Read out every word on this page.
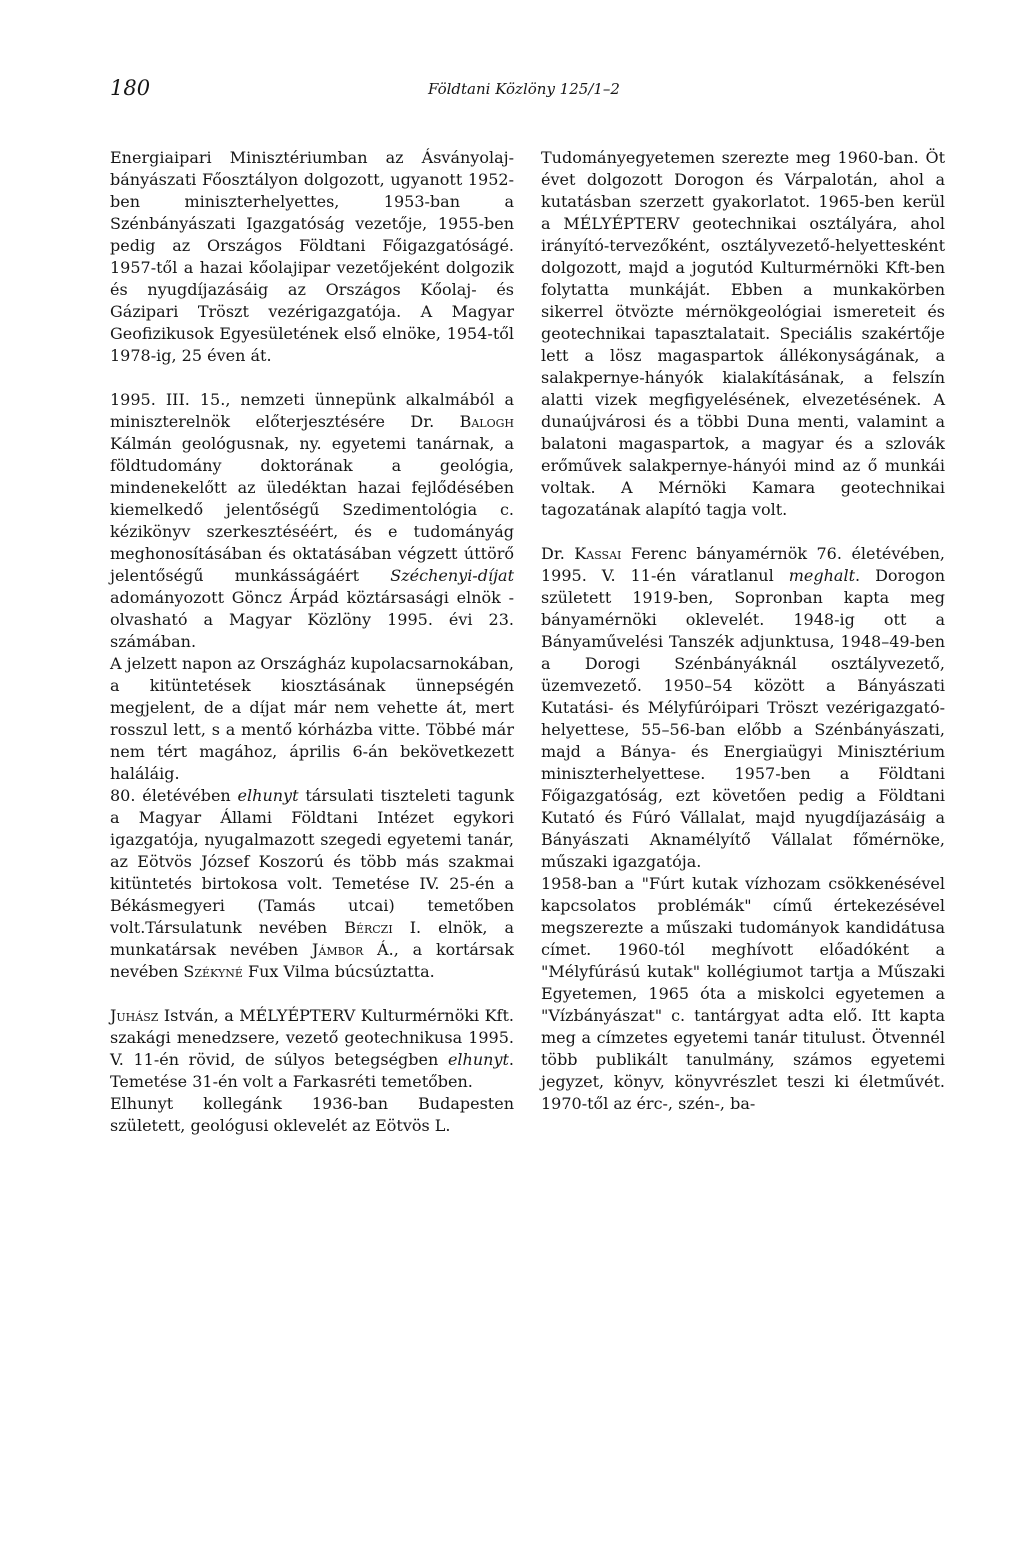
180	Földtani Közlöny 125/1–2

Energiaipari Minisztériumban az Ásványolaj-bányászati Főosztályon dolgozott, ugyanott 1952-ben miniszterhelyettes, 1953-ban a Szénbányászati Igazgatóság vezetője, 1955-ben pedig az Országos Földtani Főigazgatóságé. 1957-től a hazai kőolajipar vezetőjeként dolgozik és nyugdíjazásáig az Országos Kőolaj- és Gázipari Tröszt vezérigazgatója. A Magyar Geofizikusok Egyesületének első elnöke, 1954-től 1978-ig, 25 éven át.

1995. III. 15., nemzeti ünnepünk alkalmából a miniszterelnök előterjesztésére Dr. Balogh Kálmán geológusnak, ny. egyetemi tanárnak, a földtudomány doktorának a geológia, mindenekelőtt az üledéktan hazai fejlődésében kiemelkedő jelentőségű Szedimentológia c. kézikönyv szerkesztéséért, és e tudományág meghonosításában és oktatásában végzett úttörő jelentőségű munkásságáért Széchenyi-díjat adományozott Göncz Árpád köztársasági elnök - olvasható a Magyar Közlöny 1995. évi 23. számában.

A jelzett napon az Országház kupolacsarnokában, a kitüntetések kiosztásának ünnepségén megjelent, de a díjat már nem vehette át, mert rosszul lett, s a mentő kórházba vitte. Többé már nem tért magához, április 6-án bekövetkezett haláláig.

80. életévében elhunyt társulati tiszteleti tagunk a Magyar Állami Földtani Intézet egykori igazgatója, nyugalmazott szegedi egyetemi tanár, az Eötvös József Koszorú és több más szakmai kitüntetés birtokosa volt. Temetése IV. 25-én a Békásmegyeri (Tamás utcai) temetőben volt.Társulatunk nevében Bérczi I. elnök, a munkatársak nevében Jámbor Á., a kortársak nevében Székyné Fux Vilma búcsúztatta.

Juhász István, a MÉLYÉPTERV Kulturmérnöki Kft. szakági menedzsere, vezető geotechnikusa 1995. V. 11-én rövid, de súlyos betegségben elhunyt. Temetése 31-én volt a Farkasréti temetőben.

Elhunyt kollegánk 1936-ban Budapesten született, geológusi oklevelét az Eötvös L.

Tudományegyetemen szerezte meg 1960-ban. Öt évet dolgozott Dorogon és Várpalotán, ahol a kutatásban szerzett gyakorlatot. 1965-ben kerül a MÉLYÉPTERV geotechnikai osztályára, ahol irányító-tervezőként, osztályvezető-helyettesként dolgozott, majd a jogutód Kulturmérnöki Kft-ben folytatta munkáját. Ebben a munkakörben sikerrel ötvözte mérnökgeológiai ismereteit és geotechnikai tapasztalatait. Speciális szakértője lett a lösz magaspartok állékonyságának, a salakpernye-hányók kialakításának, a felszín alatti vizek megfigyelésének, elvezetésének. A dunaújvárosi és a többi Duna menti, valamint a balatoni magaspartok, a magyar és a szlovák erőművek salakpernye-hányói mind az ő munkái voltak. A Mérnöki Kamara geotechnikai tagozatának alapító tagja volt.

Dr. Kassai Ferenc bányamérnök 76. életévében, 1995. V. 11-én váratlanul meghalt. Dorogon született 1919-ben, Sopronban kapta meg bányamérnöki oklevelét. 1948-ig ott a Bányaművelési Tanszék adjunktusa, 1948–49-ben a Dorogi Szénbányáknál osztályvezető, üzemvezető. 1950–54 között a Bányászati Kutatási- és Mélyfúróipari Tröszt vezérigazgató-helyettese, 55–56-ban előbb a Szénbányászati, majd a Bánya- és Energiaügyi Minisztérium miniszterhelyettese. 1957-ben a Földtani Főigazgatóság, ezt követően pedig a Földtani Kutató és Fúró Vállalat, majd nyugdíjazásáig a Bányászati Aknamélyítő Vállalat főmérnöke, műszaki igazgatója.

1958-ban a "Fúrt kutak vízhozam csökkenésével kapcsolatos problémák" című értekezésével megszerezte a műszaki tudományok kandidátusa címet. 1960-tól meghívott előadóként a "Mélyfúrású kutak" kollégiumot tartja a Műszaki Egyetemen, 1965 óta a miskolci egyetemen a "Vízbányászat" c. tantárgyat adta elő. Itt kapta meg a címzetes egyetemi tanár titulust. Ötvennél több publikált tanulmány, számos egyetemi jegyzet, könyv, könyvrészlet teszi ki életművét. 1970-től az érc-, szén-, ba-
